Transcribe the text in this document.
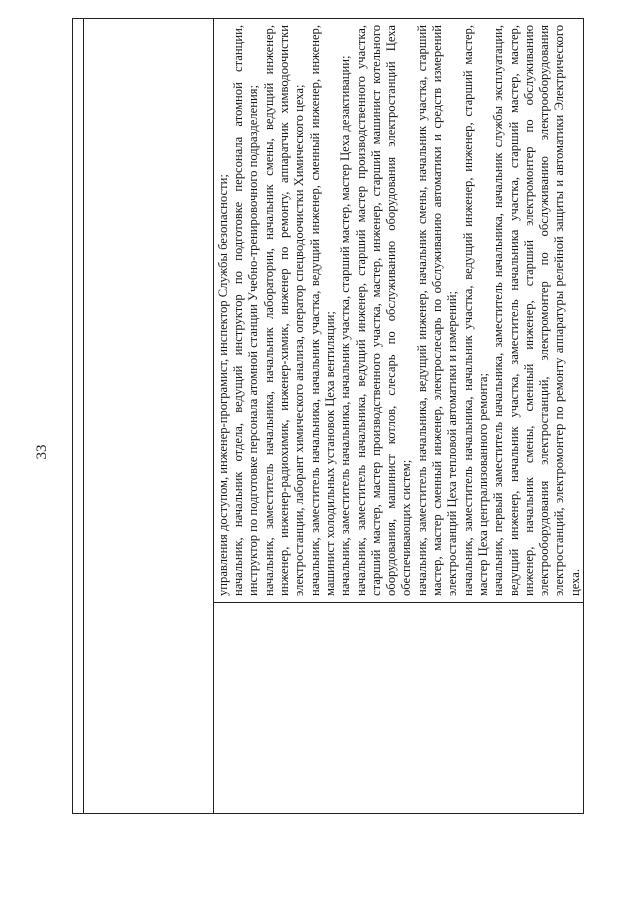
33	управления доступом, инженер-програмист, инспектор Службы безопасности; начальник, начальник отдела, ведущий инструктор по подготовке персонала атомной станции, инструктор по подготовке персонала атомной станции Учебно-тренировочного подразделения; начальник, заместитель начальника, начальник лаборатории, начальник смены, ведущий инженер, инженер, инженер-радиохимик, инженер-химик, инженер по ремонту, аппаратчик химводоочистки электростанции, лаборант химического анализа, оператор спецводоочистки Химического цеха; начальник, заместитель начальника, начальник участка, ведущий инженер, сменный инженер, инженер, машинист холодильных установок Цеха вентиляции; начальник, заместитель начальника, начальник участка, старший мастер, мастер Цеха дезактивации; начальник, заместитель начальника, ведущий инженер, старший мастер производственного участка, старший мастер, мастер производственного участка, мастер, инженер, старший машинист котельного оборудования, машинист котлов, слесарь по обслуживанию оборудования электростанций Цеха обеспечивающих систем; начальник, заместитель начальника, ведущий инженер, начальник смены, начальник участка, старший мастер, мастер сменный инженер, электрослесарь по обслуживанию автоматики и средств измерений электростанций Цеха тепловой автоматики и измерений; начальник, заместитель начальника, начальник участка, ведущий инженер, инженер, старший мастер, мастер Цеха централизованного ремонта; начальник, первый заместитель начальника, заместитель начальника, начальник службы эксплуатации, ведущий инженер, начальник участка, заместитель начальника участка, старший мастер, мастер, инженер, начальник смены, сменный инженер, старший электромонтер по обслуживанию электрооборудования электростанций, электромонтер по обслуживанию электрооборудования электростанций, электромонтер по ремонту аппаратуры релейной защиты и автоматики Электрического цеха.
